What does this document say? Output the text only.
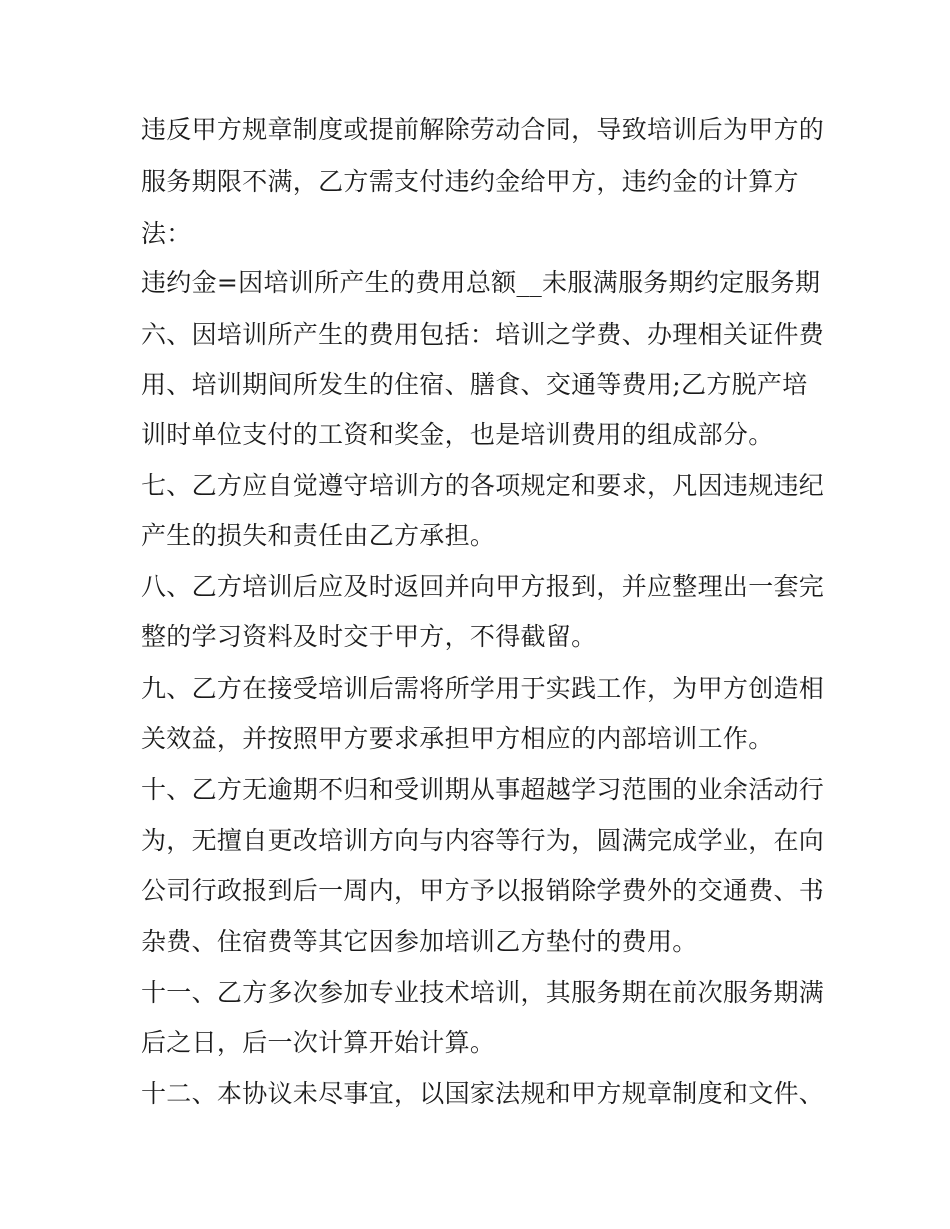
违反甲方规章制度或提前解除劳动合同，导致培训后为甲方的
服务期限不满，乙方需支付违约金给甲方，违约金的计算方
法：
违约金=因培训所产生的费用总额__未服满服务期约定服务期
六、因培训所产生的费用包括：培训之学费、办理相关证件费
用、培训期间所发生的住宿、膳食、交通等费用;乙方脱产培
训时单位支付的工资和奖金，也是培训费用的组成部分。
七、乙方应自觉遵守培训方的各项规定和要求，凡因违规违纪
产生的损失和责任由乙方承担。
八、乙方培训后应及时返回并向甲方报到，并应整理出一套完
整的学习资料及时交于甲方，不得截留。
九、乙方在接受培训后需将所学用于实践工作，为甲方创造相
关效益，并按照甲方要求承担甲方相应的内部培训工作。
十、乙方无逾期不归和受训期从事超越学习范围的业余活动行
为，无擅自更改培训方向与内容等行为，圆满完成学业，在向
公司行政报到后一周内，甲方予以报销除学费外的交通费、书
杂费、住宿费等其它因参加培训乙方垫付的费用。
十一、乙方多次参加专业技术培训，其服务期在前次服务期满
后之日，后一次计算开始计算。
十二、本协议未尽事宜，以国家法规和甲方规章制度和文件、
